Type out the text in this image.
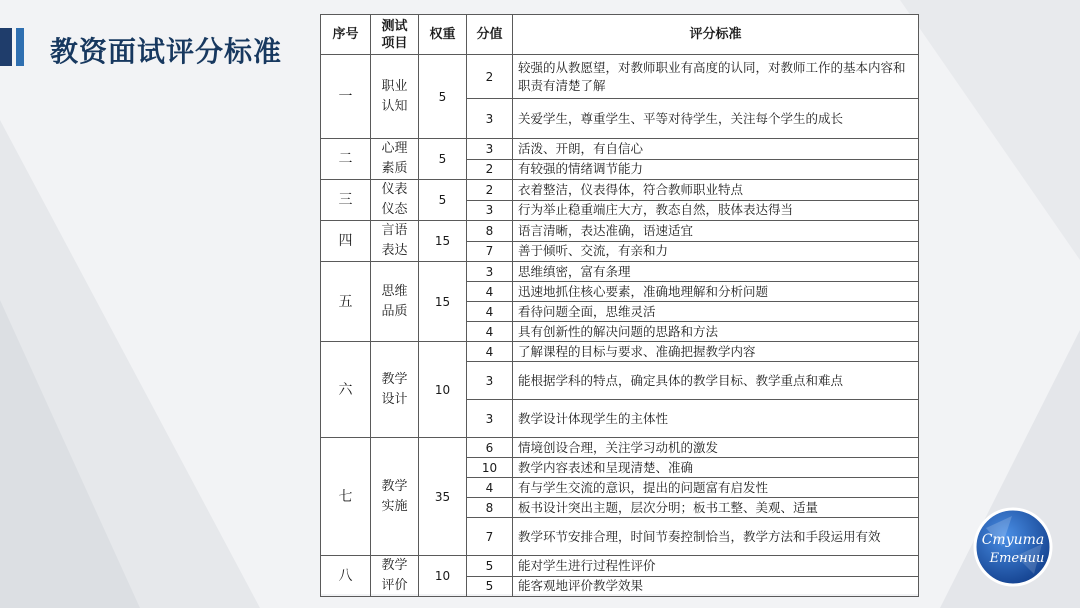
教资面试评分标准
序号	测试项目	权重	分值	评分标准
一	职业认知	5	2	较强的从教愿望，对教师职业有高度的认同，对教师工作的基本内容和职责有清楚了解
			3	关爱学生，尊重学生、平等对待学生，关注每个学生的成长
二	心理素质	5	3	活泼、开朗，有自信心
			2	有较强的情绪调节能力
三	仪表仪态	5	2	衣着整洁，仪表得体，符合教师职业特点
			3	行为举止稳重端庄大方，教态自然，肢体表达得当
四	言语表达	15	8	语言清晰，表达准确，语速适宜
			7	善于倾听、交流，有亲和力
五	思维品质	15	3	思维缜密，富有条理
			4	迅速地抓住核心要素，准确地理解和分析问题
			4	看待问题全面，思维灵活
			4	具有创新性的解决问题的思路和方法
六	教学设计	10	4	了解课程的目标与要求、准确把握教学内容
			3	能根据学科的特点，确定具体的教学目标、教学重点和难点
			3	教学设计体现学生的主体性
七	教学实施	35	6	情境创设合理，关注学习动机的激发
			10	教学内容表述和呈现清楚、准确
			4	有与学生交流的意识，提出的问题富有启发性
			8	板书设计突出主题，层次分明；板书工整、美观、适量
			7	教学环节安排合理，时间节奏控制恰当，教学方法和手段运用有效
八	教学评价	10	5	能对学生进行过程性评价
			5	能客观地评价教学效果
Cmyuma
Eтении
